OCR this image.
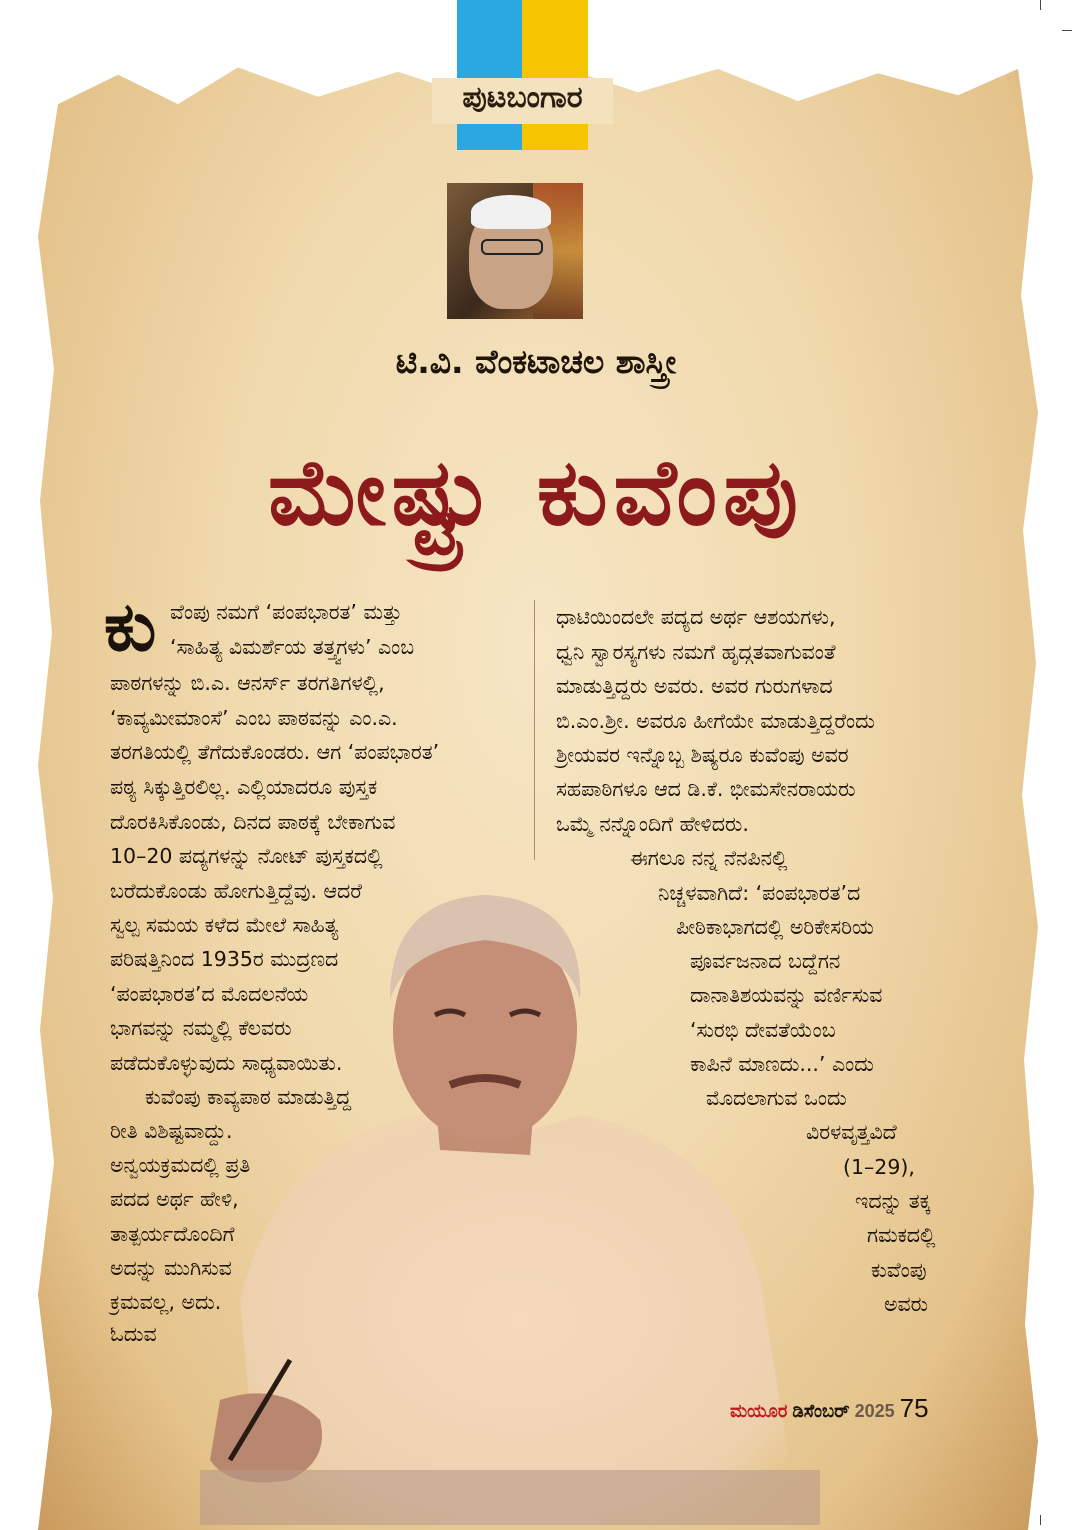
ಪುಟಬಂಗಾರ
ಟಿ.ವಿ. ವೆಂಕಟಾಚಲ ಶಾಸ್ತ್ರೀ
ಮೇಷ್ಟ್ರು ಕುವೆಂಪು
ಕು ವೆಂಪು ನಮಗೆ ‘ಪಂಪಭಾರತ’ ಮತ್ತು
‘ಸಾಹಿತ್ಯ ವಿಮರ್ಶೆಯ ತತ್ತ್ವಗಳು’ ಎಂಬ
ಪಾಠಗಳನ್ನು ಬಿ.ಎ. ಆನರ್ಸ್ ತರಗತಿಗಳಲ್ಲಿ,
‘ಕಾವ್ಯಮೀಮಾಂಸೆ’ ಎಂಬ ಪಾಠವನ್ನು ಎಂ.ಎ.
ತರಗತಿಯಲ್ಲಿ ತೆಗೆದುಕೊಂಡರು. ಆಗ ‘ಪಂಪಭಾರತ’
ಪಠ್ಯ ಸಿಕ್ಕುತ್ತಿರಲಿಲ್ಲ. ಎಲ್ಲಿಯಾದರೂ ಪುಸ್ತಕ
ದೊರಕಿಸಿಕೊಂಡು, ದಿನದ ಪಾಠಕ್ಕೆ ಬೇಕಾಗುವ
10–20 ಪದ್ಯಗಳನ್ನು ನೋಟ್ ಪುಸ್ತಕದಲ್ಲಿ
ಬರೆದುಕೊಂಡು ಹೋಗುತ್ತಿದ್ದೆವು. ಆದರೆ
ಸ್ವಲ್ಪ ಸಮಯ ಕಳೆದ ಮೇಲೆ ಸಾಹಿತ್ಯ
ಪರಿಷತ್ತಿನಿಂದ 1935ರ ಮುದ್ರಣದ
‘ಪಂಪಭಾರತ’ದ ಮೊದಲನೆಯ
ಭಾಗವನ್ನು ನಮ್ಮಲ್ಲಿ ಕೆಲವರು
ಪಡೆದುಕೊಳ್ಳುವುದು ಸಾಧ್ಯವಾಯಿತು.
ಕುವೆಂಪು ಕಾವ್ಯಪಾಠ ಮಾಡುತ್ತಿದ್ದ
ರೀತಿ ವಿಶಿಷ್ಟವಾದ್ದು.
ಅನ್ವಯಕ್ರಮದಲ್ಲಿ ಪ್ರತಿ
ಪದದ ಅರ್ಥ ಹೇಳಿ,
ತಾತ್ಪರ್ಯದೊಂದಿಗೆ
ಅದನ್ನು ಮುಗಿಸುವ
ಕ್ರಮವಲ್ಲ, ಅದು.
ಓದುವ
ಧಾಟಿಯಿಂದಲೇ ಪದ್ಯದ ಅರ್ಥ ಆಶಯಗಳು,
ಧ್ವನಿ ಸ್ವಾರಸ್ಯಗಳು ನಮಗೆ ಹೃದ್ಗತವಾಗುವಂತೆ
ಮಾಡುತ್ತಿದ್ದರು ಅವರು. ಅವರ ಗುರುಗಳಾದ
ಬಿ.ಎಂ.ಶ್ರೀ. ಅವರೂ ಹೀಗೆಯೇ ಮಾಡುತ್ತಿದ್ದರೆಂದು
ಶ್ರೀಯವರ ಇನ್ನೊಬ್ಬ ಶಿಷ್ಯರೂ ಕುವೆಂಪು ಅವರ
ಸಹಪಾಠಿಗಳೂ ಆದ ಡಿ.ಕೆ. ಭೀಮಸೇನರಾಯರು
ಒಮ್ಮೆ ನನ್ನೊಂದಿಗೆ ಹೇಳಿದರು.
ಈಗಲೂ ನನ್ನ ನೆನಪಿನಲ್ಲಿ
ನಿಚ್ಚಳವಾಗಿದೆ: ‘ಪಂಪಭಾರತ’ದ
ಪೀಠಿಕಾಭಾಗದಲ್ಲಿ ಅರಿಕೇಸರಿಯ
ಪೂರ್ವಜನಾದ ಬದ್ದೆಗನ
ದಾನಾತಿಶಯವನ್ನು ವರ್ಣಿಸುವ
‘ಸುರಭಿ ದೇವತೆಯೆಂಬ
ಕಾಪಿನೆ ಮಾಣದು...’ ಎಂದು
ಮೊದಲಾಗುವ ಒಂದು
ವಿರಳವೃತ್ತವಿದೆ
(1–29),
ಇದನ್ನು ತಕ್ಕ
ಗಮಕದಲ್ಲಿ
ಕುವೆಂಪು
ಅವರು
ಮಯೂರ ಡಿಸೆಂಬರ್ 2025 75
